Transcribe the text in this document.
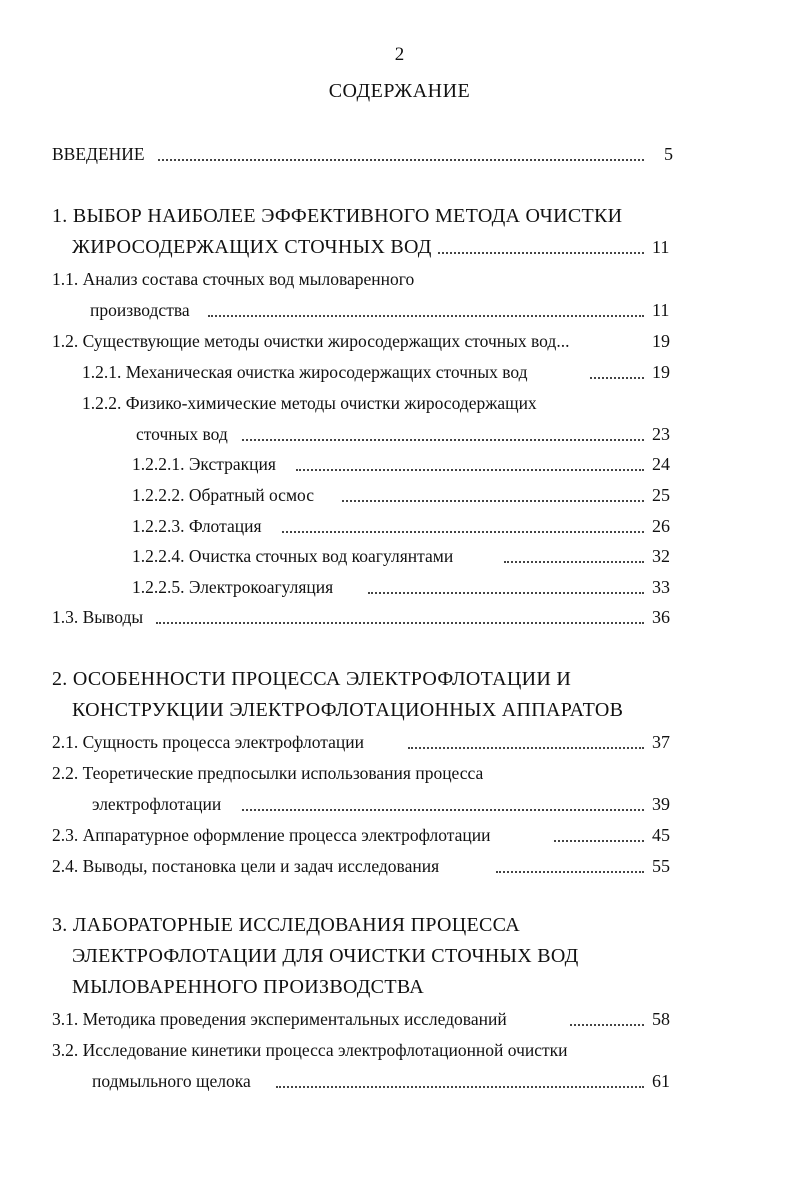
2
СОДЕРЖАНИЕ
ВВЕДЕНИЕ	5
1. ВЫБОР НАИБОЛЕЕ ЭФФЕКТИВНОГО МЕТОДА ОЧИСТКИ
ЖИРОСОДЕРЖАЩИХ СТОЧНЫХ ВОД	11
1.1. Анализ состава сточных вод мыловаренного
производства	11
1.2. Существующие методы очистки жиросодержащих сточных вод...	19
1.2.1. Механическая очистка жиросодержащих сточных вод	19
1.2.2. Физико-химические методы очистки жиросодержащих
сточных вод	23
1.2.2.1. Экстракция	24
1.2.2.2. Обратный осмос	25
1.2.2.3. Флотация	26
1.2.2.4. Очистка сточных вод коагулянтами	32
1.2.2.5. Электрокоагуляция	33
1.3. Выводы	36
2. ОСОБЕННОСТИ ПРОЦЕССА ЭЛЕКТРОФЛОТАЦИИ И
КОНСТРУКЦИИ ЭЛЕКТРОФЛОТАЦИОННЫХ АППАРАТОВ
2.1. Сущность процесса электрофлотации	37
2.2. Теоретические предпосылки использования процесса
электрофлотации	39
2.3. Аппаратурное оформление процесса электрофлотации	45
2.4. Выводы, постановка цели и задач исследования	55
3. ЛАБОРАТОРНЫЕ ИССЛЕДОВАНИЯ ПРОЦЕССА
ЭЛЕКТРОФЛОТАЦИИ ДЛЯ ОЧИСТКИ СТОЧНЫХ ВОД
МЫЛОВАРЕННОГО ПРОИЗВОДСТВА
3.1. Методика проведения экспериментальных исследований	58
3.2. Исследование кинетики процесса электрофлотационной очистки
подмыльного щелока	61
